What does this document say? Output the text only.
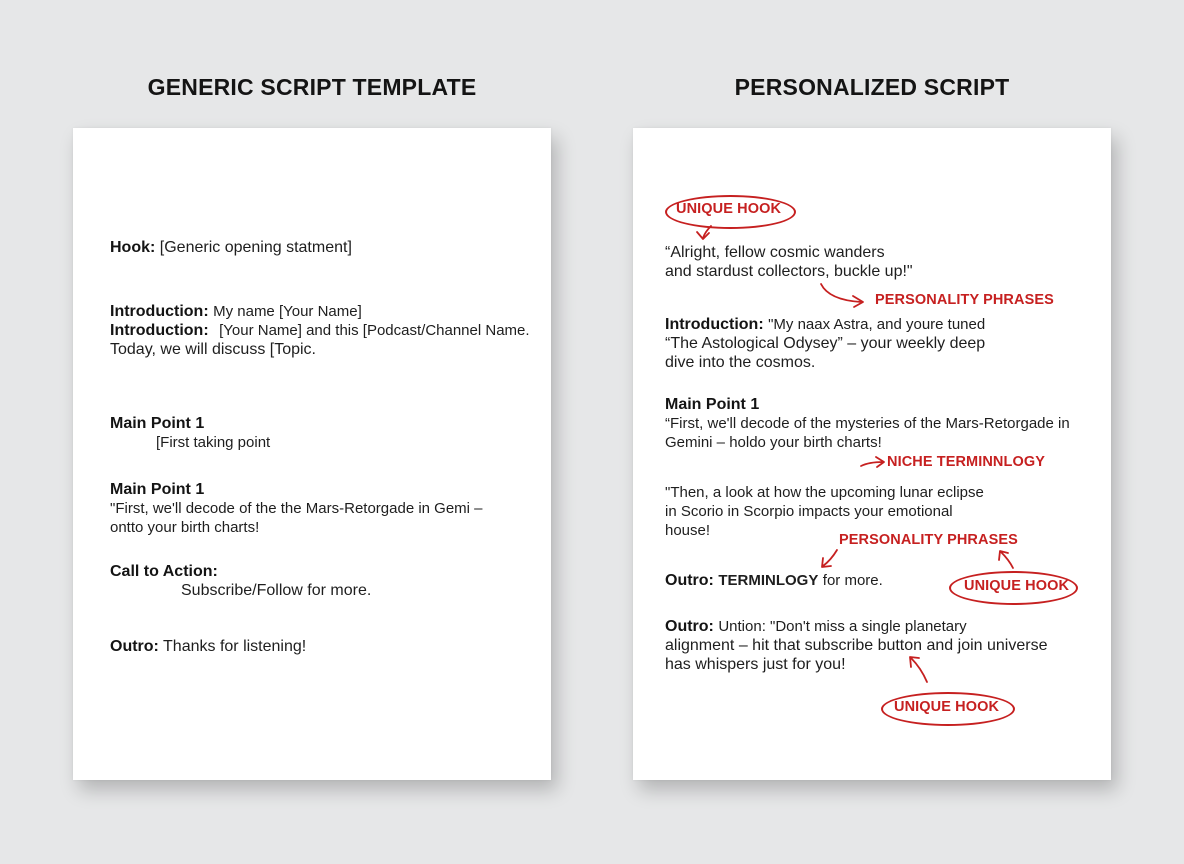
GENERIC SCRIPT TEMPLATE	PERSONALIZED SCRIPT
Hook: [Generic opening statment]
Introduction: My name [Your Name]
Introduction: [Your Name] and this [Podcast/Channel Name.
Today, we will discuss [Topic.
Main Point 1
[First taking point
Main Point 1
"First, we'll decode of the the Mars-Retorgade in Gemi –
ontto your birth charts!
Call to Action:
Subscribe/Follow for more.
Outro: Thanks for listening!
UNIQUE HOOK
“Alright, fellow cosmic wanders
and stardust collectors, buckle up!"
PERSONALITY PHRASES
Introduction: "My naax Astra, and youre tuned
“The Astological Odysey” – your weekly deep
dive into the cosmos.
Main Point 1
“First, we'll decode of the mysteries of the Mars-Retorgade in
Gemini – holdo your birth charts!
NICHE TERMINNLOGY
"Then, a look at how the upcoming lunar eclipse
in Scorio in Scorpio impacts your emotional
house!
PERSONALITY PHRASES
Outro: TERMINLOGY for more.	UNIQUE HOOK
Outro: Untion: "Don't miss a single planetary
alignment – hit that subscribe button and join universe
has whispers just for you!
UNIQUE HOOK
